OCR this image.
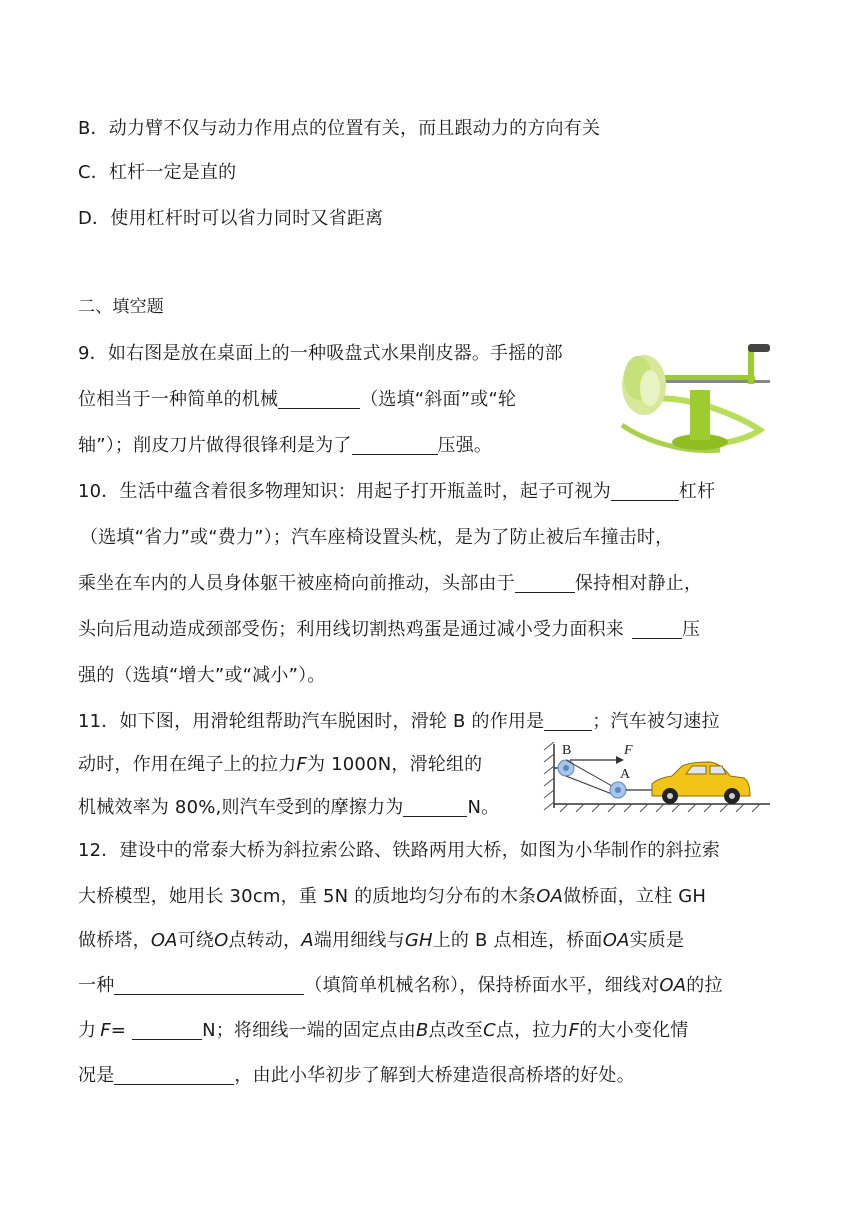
B．动力臂不仅与动力作用点的位置有关，而且跟动力的方向有关
C．杠杆一定是直的
D．使用杠杆时可以省力同时又省距离
二、填空题
9．如右图是放在桌面上的一种吸盘式水果削皮器。手摇的部
位相当于一种简单的机械	（选填“斜面”或“轮
轴”）；削皮刀片做得很锋利是为了	压强。
10．生活中蕴含着很多物理知识：用起子打开瓶盖时，起子可视为	杠杆
（选填“省力”或“费力”）；汽车座椅设置头枕，是为了防止被后车撞击时，
乘坐在车内的人员身体躯干被座椅向前推动，头部由于	保持相对静止，
头向后甩动造成颈部受伤；利用线切割热鸡蛋是通过减小受力面积来	压
强的（选填“增大”或“减小”）。
11．如下图，用滑轮组帮助汽车脱困时，滑轮 B 的作用是	；汽车被匀速拉
动时，作用在绳子上的拉力F为 1000N，滑轮组的
机械效率为 80%,则汽车受到的摩擦力为	N。
B	F
A
12．建设中的常泰大桥为斜拉索公路、铁路两用大桥，如图为小华制作的斜拉索
大桥模型，她用长 30cm，重 5N 的质地均匀分布的木条OA做桥面，立柱 GH
做桥塔，OA可绕O点转动，A端用细线与GH上的 B 点相连，桥面OA实质是
一种	（填简单机械名称），保持桥面水平，细线对OA的拉
力 F=	N；将细线一端的固定点由B点改至C点，拉力F的大小变化情
况是	，由此小华初步了解到大桥建造很高桥塔的好处。
